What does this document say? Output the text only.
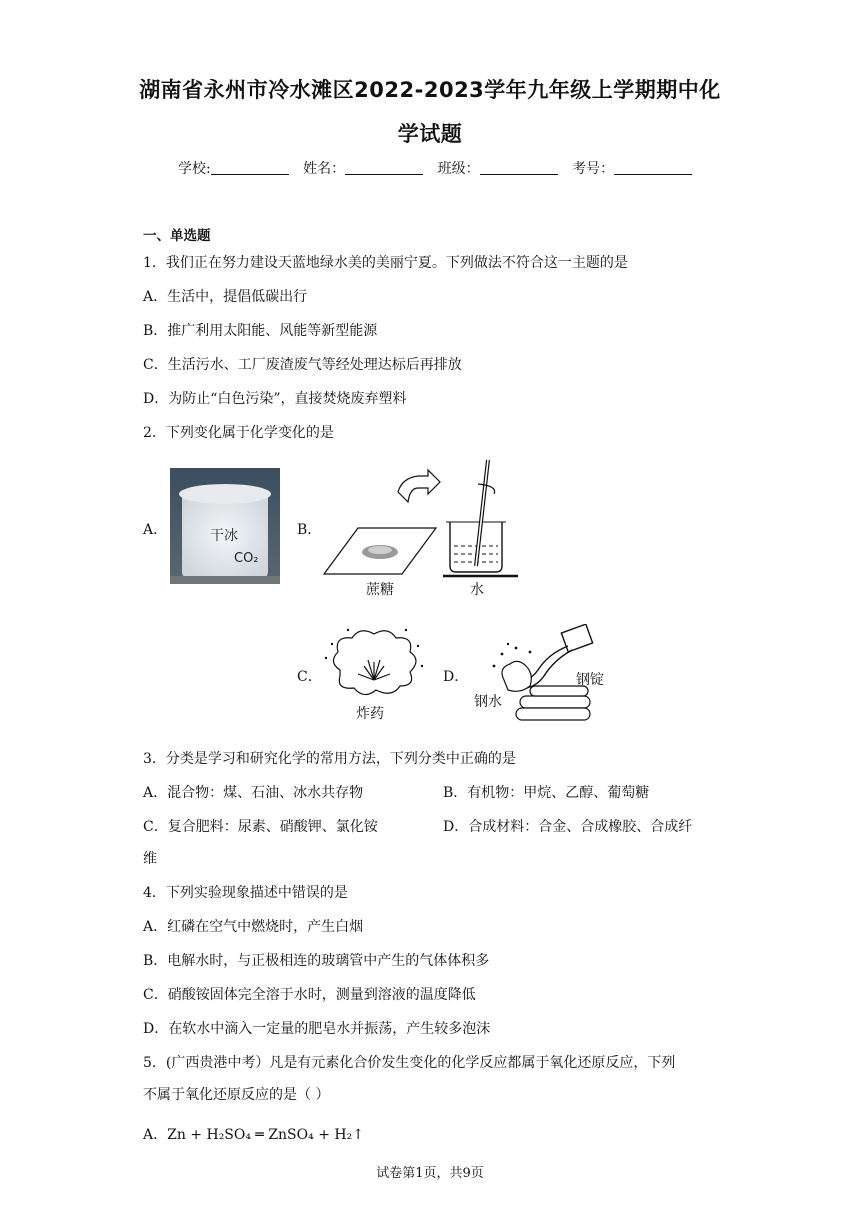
湖南省永州市冷水滩区2022-2023学年九年级上学期期中化
学试题
学校:	姓名：	班级：	考号：
一、单选题
1．我们正在努力建设天蓝地绿水美的美丽宁夏。下列做法不符合这一主题的是
A．生活中，提倡低碳出行
B．推广利用太阳能、风能等新型能源
C．生活污水、工厂废渣废气等经处理达标后再排放
D．为防止“白色污染”，直接焚烧废弃塑料
2．下列变化属于化学变化的是
A．	干冰
CO₂
B．
蔗糖	水
C．
炸药
D．	钢锭
钢水
3．分类是学习和研究化学的常用方法，下列分类中正确的是
A．混合物：煤、石油、冰水共存物	B．有机物：甲烷、乙醇、葡萄糖
C．复合肥料：尿素、硝酸钾、氯化铵	D．合成材料：合金、合成橡胶、合成纤
维
4．下列实验现象描述中错误的是
A．红磷在空气中燃烧时，产生白烟
B．电解水时，与正极相连的玻璃管中产生的气体体积多
C．硝酸铵固体完全溶于水时，测量到溶液的温度降低
D．在软水中滴入一定量的肥皂水并振荡，产生较多泡沫
5．(广西贵港中考）凡是有元素化合价发生变化的化学反应都属于氧化还原反应，下列
不属于氧化还原反应的是（ ）
A．Zn + H₂SO₄ ═ ZnSO₄ + H₂↑
试卷第1页，共9页
